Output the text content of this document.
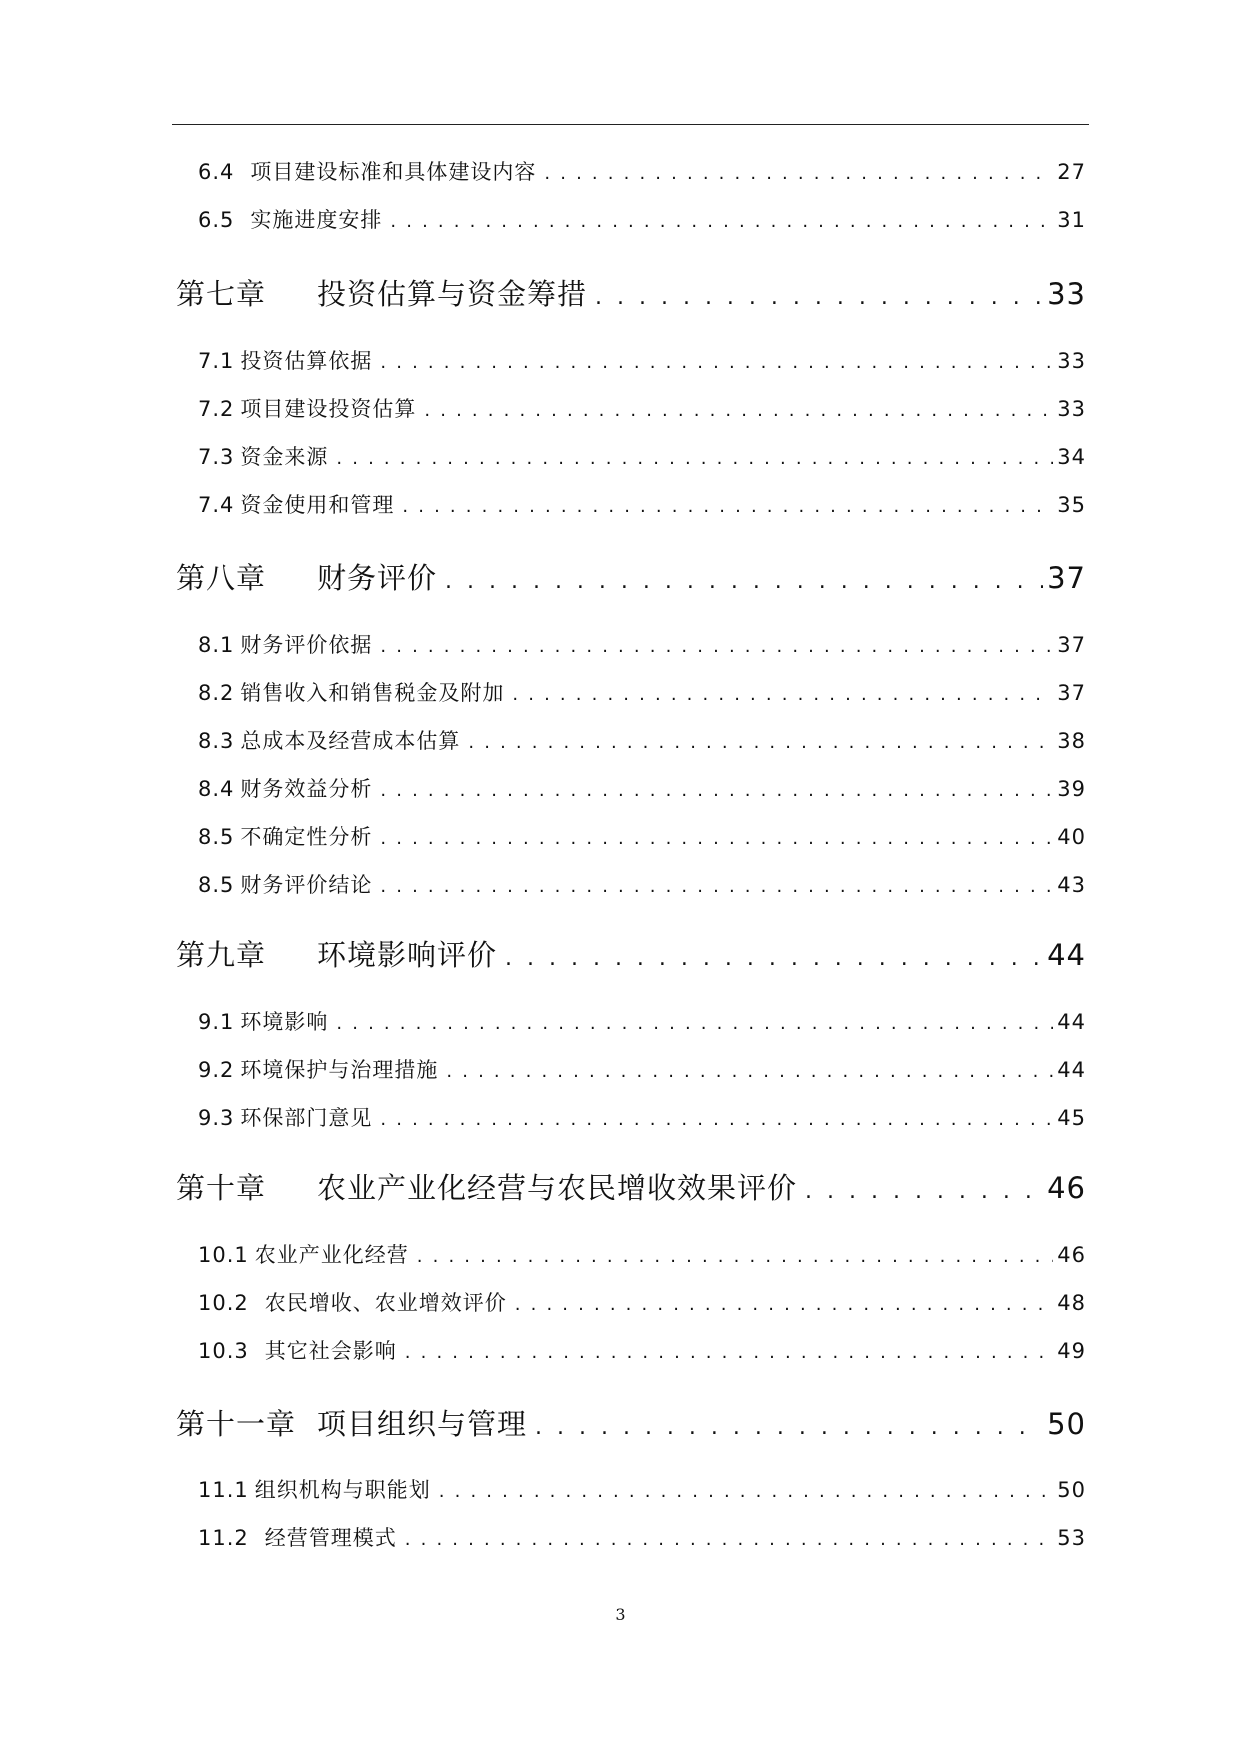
6.4 项目建设标准和具体建设内容 . . .	27
6.5 实施进度安排 . . .	31
第七章	投资估算与资金筹措 . . .	33
7.1 投资估算依据 . . .	33
7.2 项目建设投资估算 . . .	33
7.3 资金来源 . . .	34
7.4 资金使用和管理 . . .	35
第八章	财务评价 . . .	37
8.1 财务评价依据 . . .	37
8.2 销售收入和销售税金及附加 . . .	37
8.3 总成本及经营成本估算 . . .	38
8.4 财务效益分析 . . .	39
8.5 不确定性分析 . . .	40
8.5 财务评价结论 . . .	43
第九章	环境影响评价 . . .	44
9.1 环境影响 . . .	44
9.2 环境保护与治理措施 . . .	44
9.3 环保部门意见 . . .	45
第十章	农业产业化经营与农民增收效果评价 . . .	46
10.1 农业产业化经营 . . .	46
10.2 农民增收、农业增效评价 . . .	48
10.3 其它社会影响 . . .	49
第十一章 项目组织与管理 . . .	50
11.1 组织机构与职能划 . . .	50
11.2 经营管理模式 . . .	53
3
